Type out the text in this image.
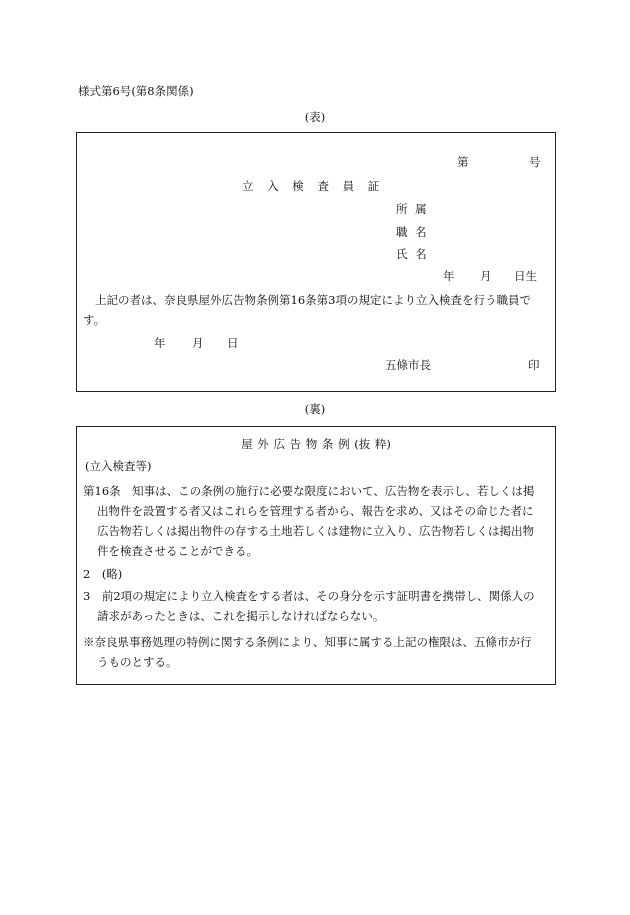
様式第6号(第8条関係)
(表)
第	号
立 入 検 査 員 証
所 属
職 名
氏 名
年 月 日生
上記の者は、奈良県屋外広告物条例第16条第3項の規定により立入検査を行う職員で
す。
年 月 日
五條市長	印
(裏)
屋 外 広 告 物 条 例 (抜 粋)
(立入検査等)
第16条　知事は、この条例の施行に必要な限度において、広告物を表示し、若しくは掲
出物件を設置する者又はこれらを管理する者から、報告を求め、又はその命じた者に
広告物若しくは掲出物件の存する土地若しくは建物に立入り、広告物若しくは掲出物
件を検査させることができる。
2　(略)
3　前2項の規定により立入検査をする者は、その身分を示す証明書を携帯し、関係人の
請求があったときは、これを掲示しなければならない。
※奈良県事務処理の特例に関する条例により、知事に属する上記の権限は、五條市が行
うものとする。
